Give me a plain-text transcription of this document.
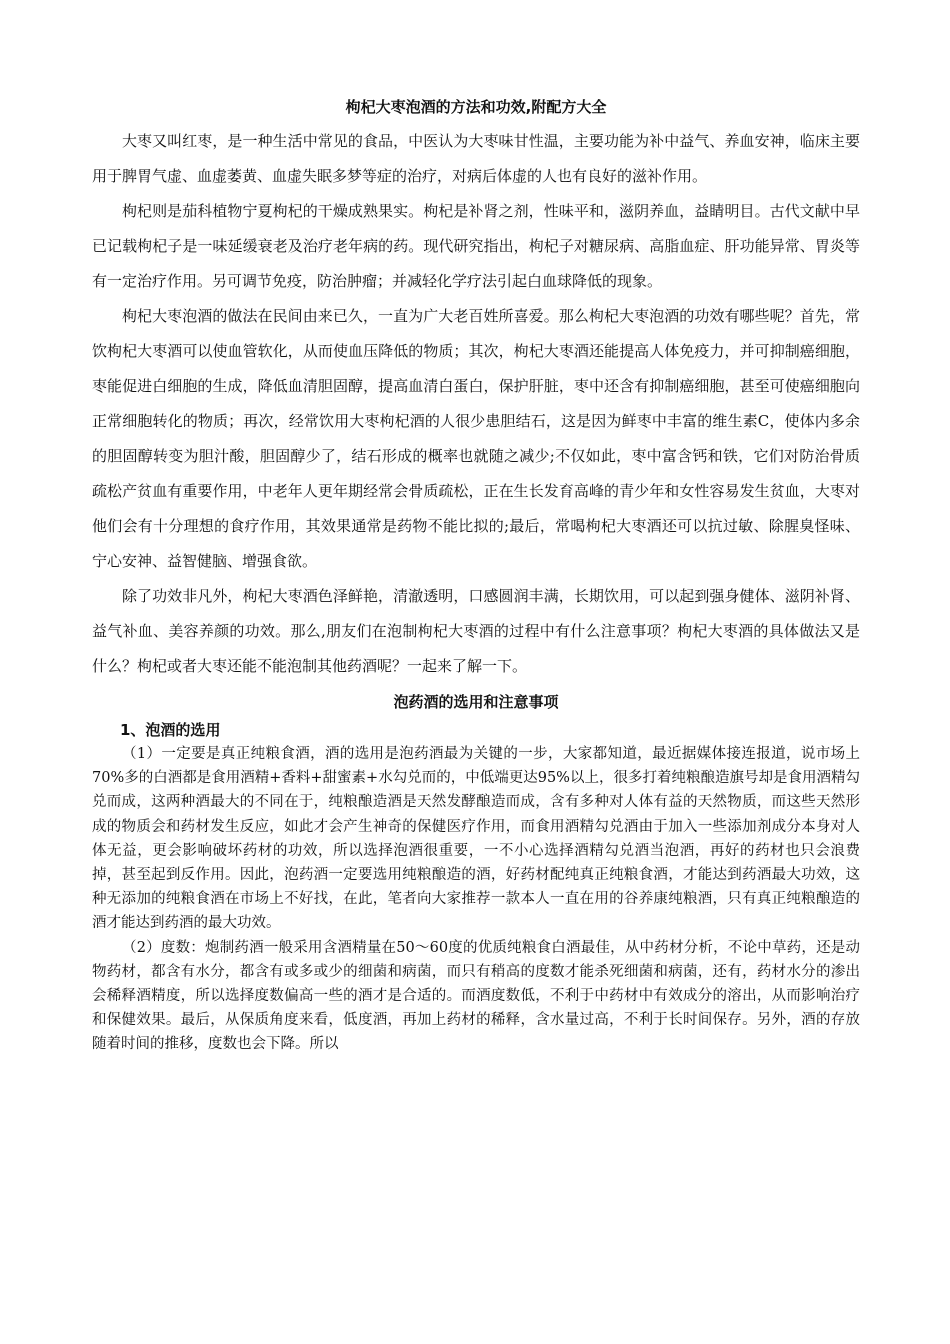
枸杞大枣泡酒的方法和功效,附配方大全

大枣又叫红枣，是一种生活中常见的食品，中医认为大枣味甘性温，主要功能为补中益气、养血安神，临床主要用于脾胃气虚、血虚萎黄、血虚失眠多梦等症的治疗，对病后体虚的人也有良好的滋补作用。

枸杞则是茄科植物宁夏枸杞的干燥成熟果实。枸杞是补肾之剂，性味平和，滋阴养血，益睛明目。古代文献中早已记载枸杞子是一味延缓衰老及治疗老年病的药。现代研究指出，枸杞子对糖尿病、高脂血症、肝功能异常、胃炎等有一定治疗作用。另可调节免疫，防治肿瘤；并减轻化学疗法引起白血球降低的现象。

枸杞大枣泡酒的做法在民间由来已久，一直为广大老百姓所喜爱。那么枸杞大枣泡酒的功效有哪些呢？首先，常饮枸杞大枣酒可以使血管软化，从而使血压降低的物质；其次，枸杞大枣酒还能提高人体免疫力，并可抑制癌细胞，枣能促进白细胞的生成，降低血清胆固醇，提高血清白蛋白，保护肝脏，枣中还含有抑制癌细胞，甚至可使癌细胞向正常细胞转化的物质；再次，经常饮用大枣枸杞酒的人很少患胆结石，这是因为鲜枣中丰富的维生素C，使体内多余的胆固醇转变为胆汁酸，胆固醇少了，结石形成的概率也就随之减少;不仅如此，枣中富含钙和铁，它们对防治骨质疏松产贫血有重要作用，中老年人更年期经常会骨质疏松，正在生长发育高峰的青少年和女性容易发生贫血，大枣对他们会有十分理想的食疗作用，其效果通常是药物不能比拟的;最后，常喝枸杞大枣酒还可以抗过敏、除腥臭怪味、宁心安神、益智健脑、增强食欲。

除了功效非凡外，枸杞大枣酒色泽鲜艳，清澈透明，口感圆润丰满，长期饮用，可以起到强身健体、滋阴补肾、益气补血、美容养颜的功效。那么,朋友们在泡制枸杞大枣酒的过程中有什么注意事项？枸杞大枣酒的具体做法又是什么？枸杞或者大枣还能不能泡制其他药酒呢？一起来了解一下。

泡药酒的选用和注意事项
1、泡酒的选用

（1）一定要是真正纯粮食酒，酒的选用是泡药酒最为关键的一步，大家都知道，最近据媒体接连报道，说市场上70%多的白酒都是食用酒精+香料+甜蜜素+水勾兑而的，中低端更达95%以上，很多打着纯粮酿造旗号却是食用酒精勾兑而成，这两种酒最大的不同在于，纯粮酿造酒是天然发酵酿造而成，含有多种对人体有益的天然物质，而这些天然形成的物质会和药材发生反应，如此才会产生神奇的保健医疗作用，而食用酒精勾兑酒由于加入一些添加剂成分本身对人体无益，更会影响破坏药材的功效，所以选择泡酒很重要，一不小心选择酒精勾兑酒当泡酒，再好的药材也只会浪费掉，甚至起到反作用。因此，泡药酒一定要选用纯粮酿造的酒，好药材配纯真正纯粮食酒，才能达到药酒最大功效，这种无添加的纯粮食酒在市场上不好找，在此，笔者向大家推荐一款本人一直在用的谷养康纯粮酒，只有真正纯粮酿造的酒才能达到药酒的最大功效。

（2）度数：炮制药酒一般采用含酒精量在50～60度的优质纯粮食白酒最佳，从中药材分析，不论中草药，还是动物药材，都含有水分，都含有或多或少的细菌和病菌，而只有稍高的度数才能杀死细菌和病菌，还有，药材水分的渗出会稀释酒精度，所以选择度数偏高一些的酒才是合适的。而酒度数低，不利于中药材中有效成分的溶出，从而影响治疗和保健效果。最后，从保质角度来看，低度酒，再加上药材的稀释，含水量过高，不利于长时间保存。另外，酒的存放随着时间的推移，度数也会下降。所以
